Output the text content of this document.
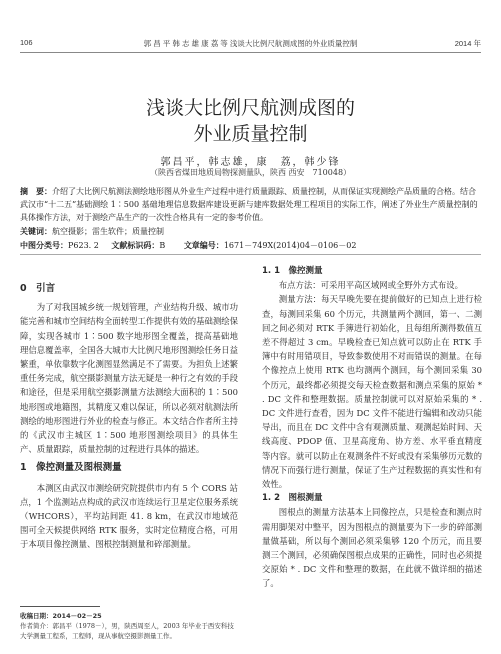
106	郭 昌 平 韩 志 雄 康 荔 等 浅谈大比例尺航测成图的外业质量控制	2014 年
浅谈大比例尺航测成图的
外业质量控制
郭昌平，韩志雄，康　荔，韩少锋
（陕西省煤田地质局物探测量队，陕西 西安　710048）
摘　要：介绍了大比例尺航测法测绘地形图从外业生产过程中进行质量跟踪、质量控制，从而保证实现测绘产品质量的合格。结合武汉市“十二五”基础测绘 1∶500 基础地理信息数据库建设更新与建库数据处理工程项目的实际工作，阐述了外业生产质量控制的具体操作方法，对于测绘产品生产的一次性合格具有一定的参考价值。
关键词：航空摄影；雷生软件；质量控制
中图分类号：P623. 2 文献标识码：B 文章编号：1671－749X(2014)04－0106－02
0　引言
为了对我国城乡统一规划管理，产业结构升级、城市功能完善和城市空间结构全面转型工作提供有效的基础测绘保障，实现各城市 1∶500 数字地形图全覆盖，提高基础地理信息覆盖率，全国各大城市大比例尺地形图测绘任务日益繁重，单依靠数字化测图显然满足不了需要。为担负上述繁重任务完成，航空摄影测量方法无疑是一种行之有效的手段和途径，但是采用航空摄影测量方法测绘大面积的 1∶500 地形图或地籍图，其精度又难以保证，所以必须对航测法所测绘的地形图进行外业的检查与修正。本文结合作者所主持的《武汉市主城区 1∶500 地形图测绘项目》的具体生产、质量跟踪，质量控制的过程进行具体的描述。
1　像控测量及图根测量
本测区由武汉市测绘研究院提供市内有 5 个 CORS 站点，1 个监测站点构成的武汉市连续运行卫星定位服务系统（WHCORS），平均站间距 41. 8 km，在武汉市地域范围可全天候提供网络 RTK 服务，实时定位精度合格，可用于本项目像控测量、图根控制测量和碎部测量。
收稿日期：2014－02－25
作者简介：郭昌平（1978－），男，陕西周至人，2003 年毕业于西安科技大学测量工程系，工程师，现从事航空摄影测量工作。
1. 1　像控测量
布点方法：可采用平高区域网或全野外方式布设。
测量方法：每天早晚先要在提前做好的已知点上进行检查，每测回采集 60 个历元，共测量两个测回，第一、二测回之间必须对 RTK 手簿进行初始化，且每组所测得数值互差不得超过 3 cm。早晚检查已知点就可以防止在 RTK 手簿中有时用错项目，导致参数使用不对而错误的测量。在每个像控点上使用 RTK 也均测两个测回，每个测回采集 30 个历元，最终都必须提交每天检查数据和测点采集的原始 * . DC 文件和整理数据。质量控制就可以对原始采集的 * . DC 文件进行查看，因为 DC 文件不能进行编辑和改动只能导出，而且在 DC 文件中含有观测质量、观测起始时间、天线高度、PDOP 值、卫星高度角、协方差、水平垂直精度等内容。就可以防止在观测条件不好或没有采集够历元数的情况下而强行进行测量，保证了生产过程数据的真实性和有效性。
1. 2　图根测量
图根点的测量方法基本上同像控点，只是检查和测点时需用脚架对中整平，因为图根点的测量要为下一步的碎部测量做基础，所以每个测回必须采集够 120 个历元，而且要测三个测回，必须确保图根点成果的正确性，同时也必须提交原始 * . DC 文件和整理的数据，在此就不做详细的描述了。
